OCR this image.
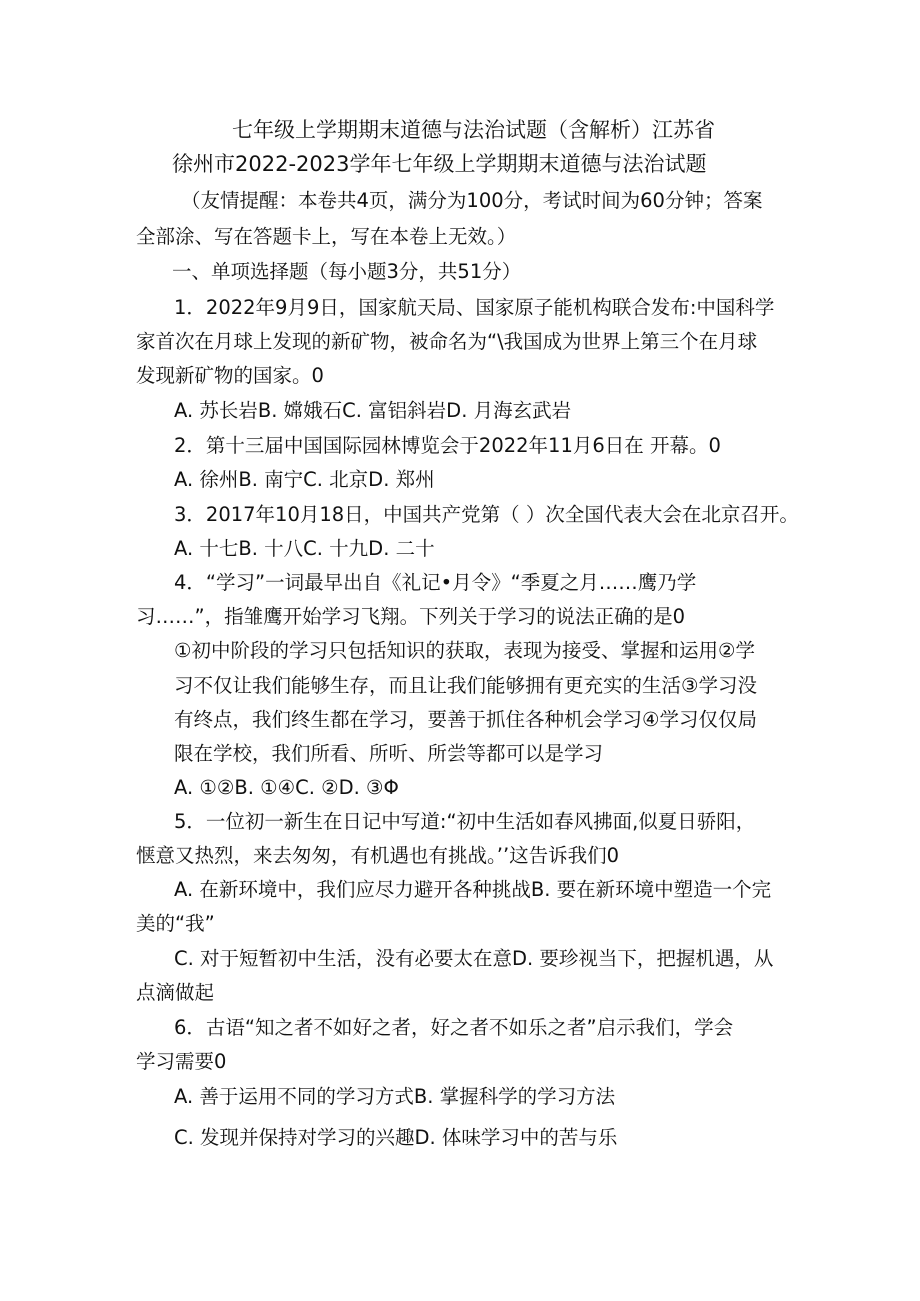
七年级上学期期末道德与法治试题（含解析）江苏省
徐州市2022-2023学年七年级上学期期末道德与法治试题
（友情提醒：本卷共4页，满分为100分，考试时间为60分钟；答案
全部涂、写在答题卡上，写在本卷上无效。）
一、单项选择题（每小题3分，共51分）
1．2022年9月9日，国家航天局、国家原子能机构联合发布:中国科学
家首次在月球上发现的新矿物，被命名为“\我国成为世界上第三个在月球
发现新矿物的国家。0
A. 苏长岩B. 嫦娥石C. 富铝斜岩D. 月海玄武岩
2．第十三届中国国际园林博览会于2022年11月6日在 开幕。0
A. 徐州B. 南宁C. 北京D. 郑州
3．2017年10月18日，中国共产党第（ ）次全国代表大会在北京召开。
A. 十七B. 十八C. 十九D. 二十
4．“学习”一词最早出自《礼记•月令》“季夏之月……鹰乃学
习……”，指雏鹰开始学习飞翔。下列关于学习的说法正确的是0
①初中阶段的学习只包括知识的获取，表现为接受、掌握和运用②学
习不仅让我们能够生存，而且让我们能够拥有更充实的生活③学习没
有终点，我们终生都在学习，要善于抓住各种机会学习④学习仅仅局
限在学校，我们所看、所听、所尝等都可以是学习
A. ①②B. ①④C. ②D. ③Φ
5．一位初一新生在日记中写道:“初中生活如春风拂面,似夏日骄阳，
惬意又热烈，来去匆匆，有机遇也有挑战。’’这告诉我们0
A. 在新环境中，我们应尽力避开各种挑战B. 要在新环境中塑造一个完
美的“我”
C. 对于短暂初中生活，没有必要太在意D. 要珍视当下，把握机遇，从
点滴做起
6．古语“知之者不如好之者，好之者不如乐之者”启示我们，学会
学习需要0
A. 善于运用不同的学习方式B. 掌握科学的学习方法
C. 发现并保持对学习的兴趣D. 体味学习中的苦与乐
